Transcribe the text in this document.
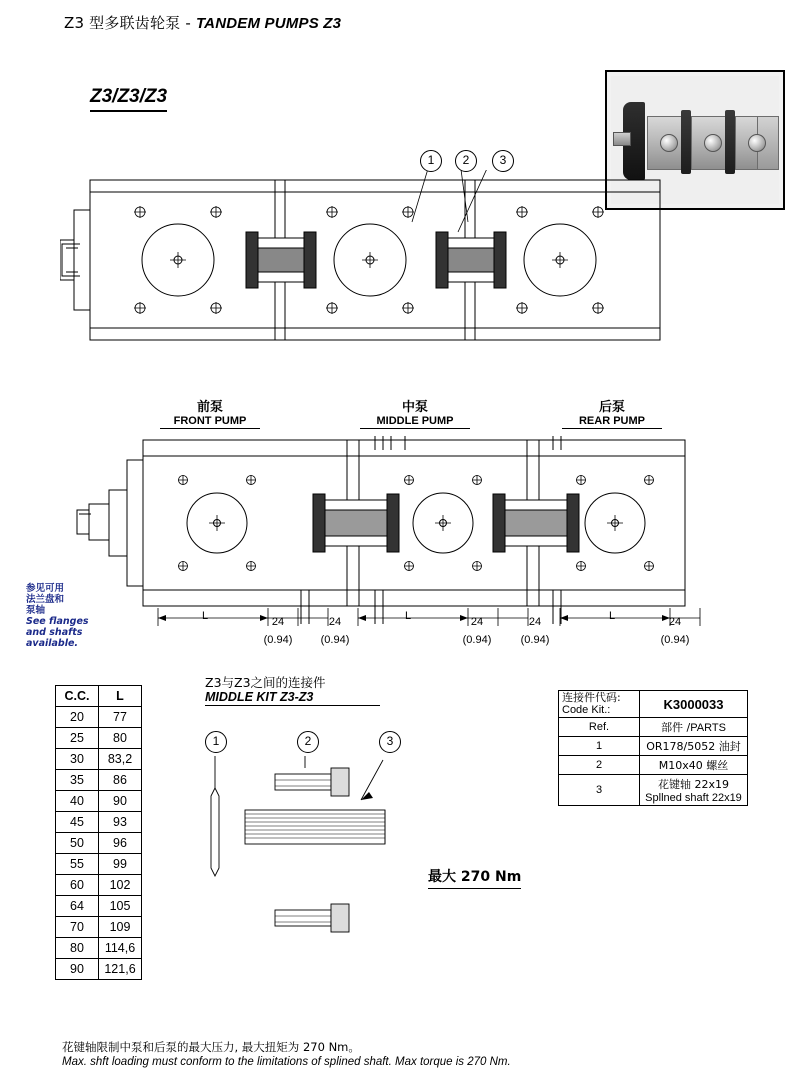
Z3 型多联齿轮泵 - TANDEM PUMPS Z3
Z3/Z3/Z3
1	2	3
前泵
FRONT PUMP
中泵
MIDDLE PUMP
后泵
REAR PUMP
参见可用
法兰盘和
泵轴
See flanges
and shafts available.
L	24
(0.94)
24
(0.94)
L	24
(0.94)
24
(0.94)
L	24
(0.94)
C.C.	L
20	77
25	80
30	83,2
35	86
40	90
45	93
50	96
55	99
60	102
64	105
70	109
80	114,6
90	121,6
Z3与Z3之间的连接件
MIDDLE KIT Z3-Z3
1	2	3
最大 270 Nm
连接件代码:
Code Kit.:	K3000033
Ref.	部件 /PARTS
1	OR178/5052 油封
2	M10x40 螺丝
3	花键轴 22x19
Spllned shaft 22x19
花键轴限制中泵和后泵的最大压力, 最大扭矩为 270 Nm。
Max. shft loading must conform to the limitations of splined shaft. Max torque is 270 Nm.
